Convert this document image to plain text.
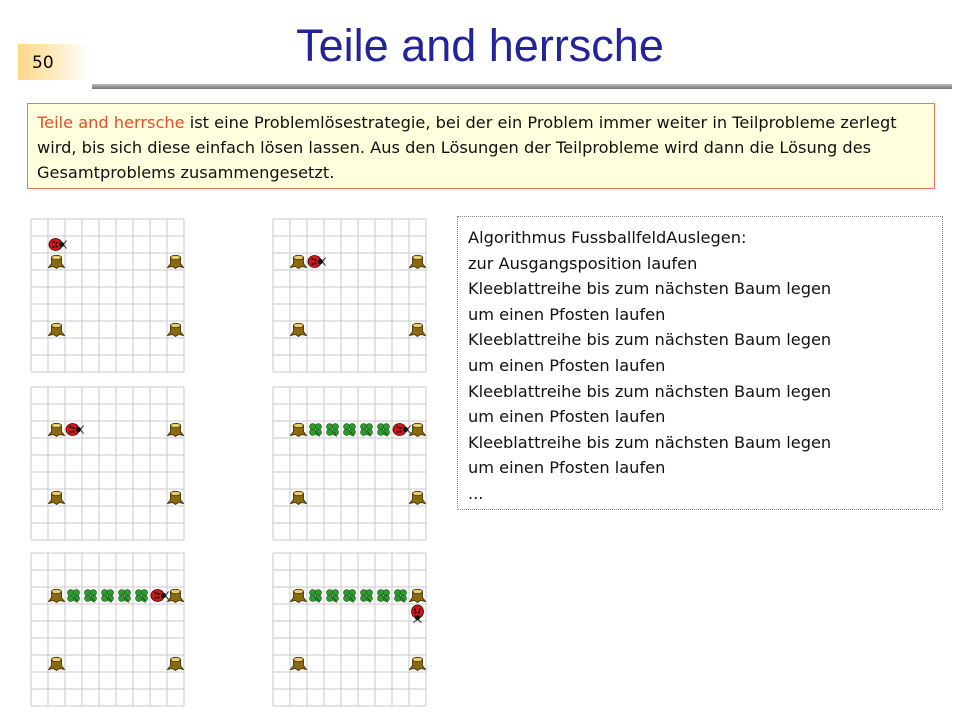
50	Teile and herrsche
Teile and herrsche ist eine Problemlösestrategie, bei der ein Problem immer weiter in Teilprobleme zerlegt wird, bis sich diese einfach lösen lassen. Aus den Lösungen der Teilprobleme wird dann die Lösung des Gesamtproblems zusammengesetzt.
Algorithmus FussballfeldAuslegen:
zur Ausgangsposition laufen
Kleeblattreihe bis zum nächsten Baum legen
um einen Pfosten laufen
Kleeblattreihe bis zum nächsten Baum legen
um einen Pfosten laufen
Kleeblattreihe bis zum nächsten Baum legen
um einen Pfosten laufen
Kleeblattreihe bis zum nächsten Baum legen
um einen Pfosten laufen
...
